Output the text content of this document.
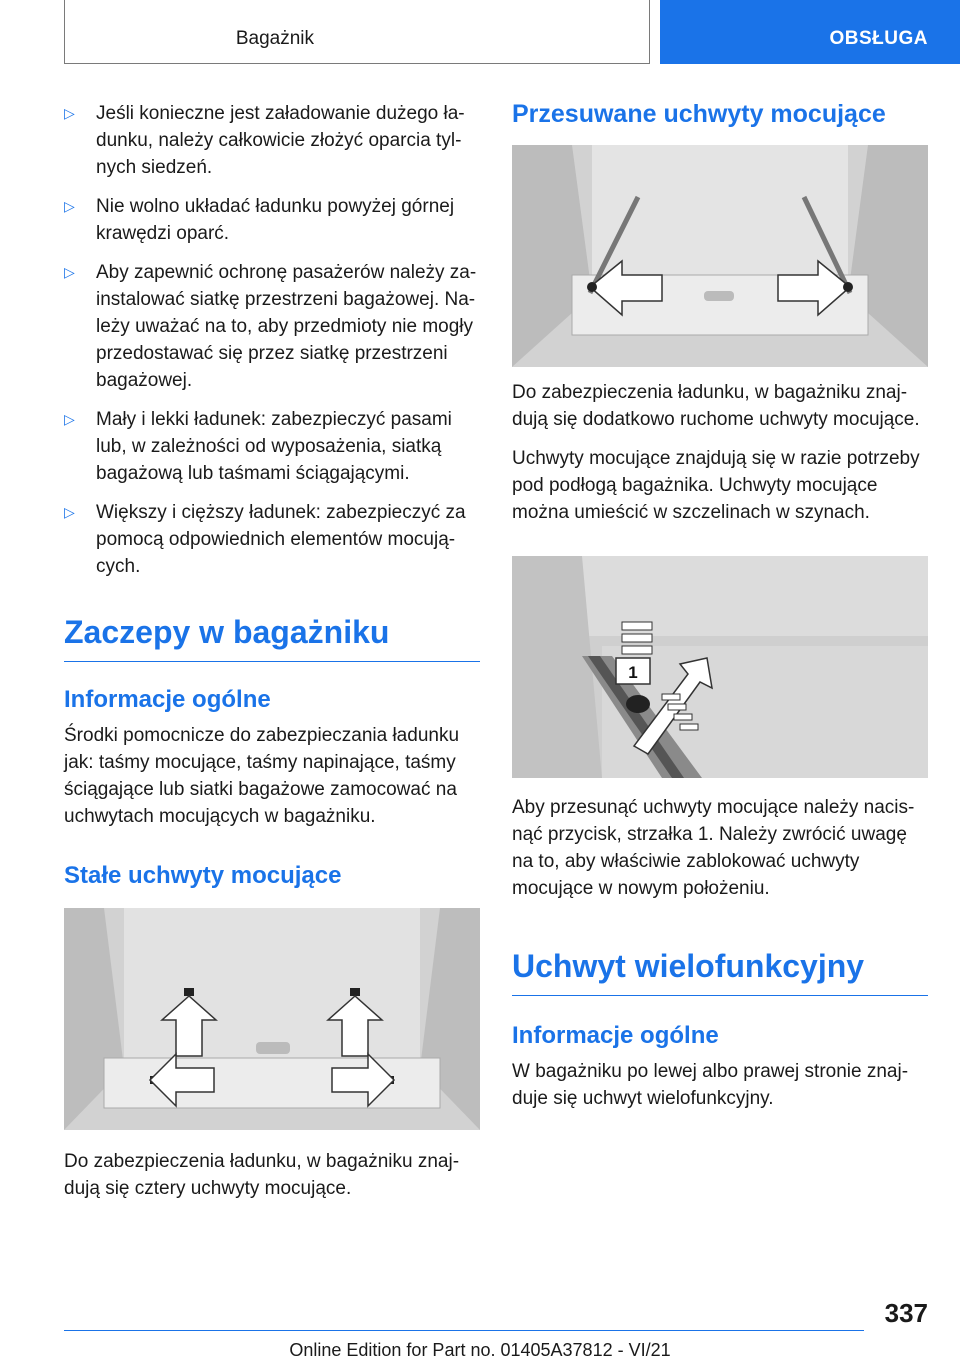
Bagażnik	OBSŁUGA
▷ Jeśli konieczne jest załadowanie dużego ładunku, należy całkowicie złożyć oparcia tylnych siedzeń.
▷ Nie wolno układać ładunku powyżej górnej krawędzi oparć.
▷ Aby zapewnić ochronę pasażerów należy zainstalować siatkę przestrzeni bagażowej. Należy uważać na to, aby przedmioty nie mogły przedostawać się przez siatkę przestrzeni bagażowej.
▷ Mały i lekki ładunek: zabezpieczyć pasami lub, w zależności od wyposażenia, siatką bagażową lub taśmami ściągającymi.
▷ Większy i cięższy ładunek: zabezpieczyć za pomocą odpowiednich elementów mocujących.
Zaczepy w bagażniku
Informacje ogólne

Środki pomocnicze do zabezpieczania ładunku jak: taśmy mocujące, taśmy napinające, taśmy ściągające lub siatki bagażowe zamocować na uchwytach mocujących w bagażniku.

Stałe uchwyty mocujące

Do zabezpieczenia ładunku, w bagażniku znajdują się cztery uchwyty mocujące.

Przesuwane uchwyty mocujące

Do zabezpieczenia ładunku, w bagażniku znajdują się dodatkowo ruchome uchwyty mocujące.

Uchwyty mocujące znajdują się w razie potrzeby pod podłogą bagażnika. Uchwyty mocujące można umieścić w szczelinach w szynach.

1

Aby przesunąć uchwyty mocujące należy nacisnąć przycisk, strzałka 1. Należy zwrócić uwagę na to, aby właściwie zablokować uchwyty mocujące w nowym położeniu.

Uchwyt wielofunkcyjny
Informacje ogólne

W bagażniku po lewej albo prawej stronie znajduje się uchwyt wielofunkcyjny.

337
Online Edition for Part no. 01405A37812 - VI/21
